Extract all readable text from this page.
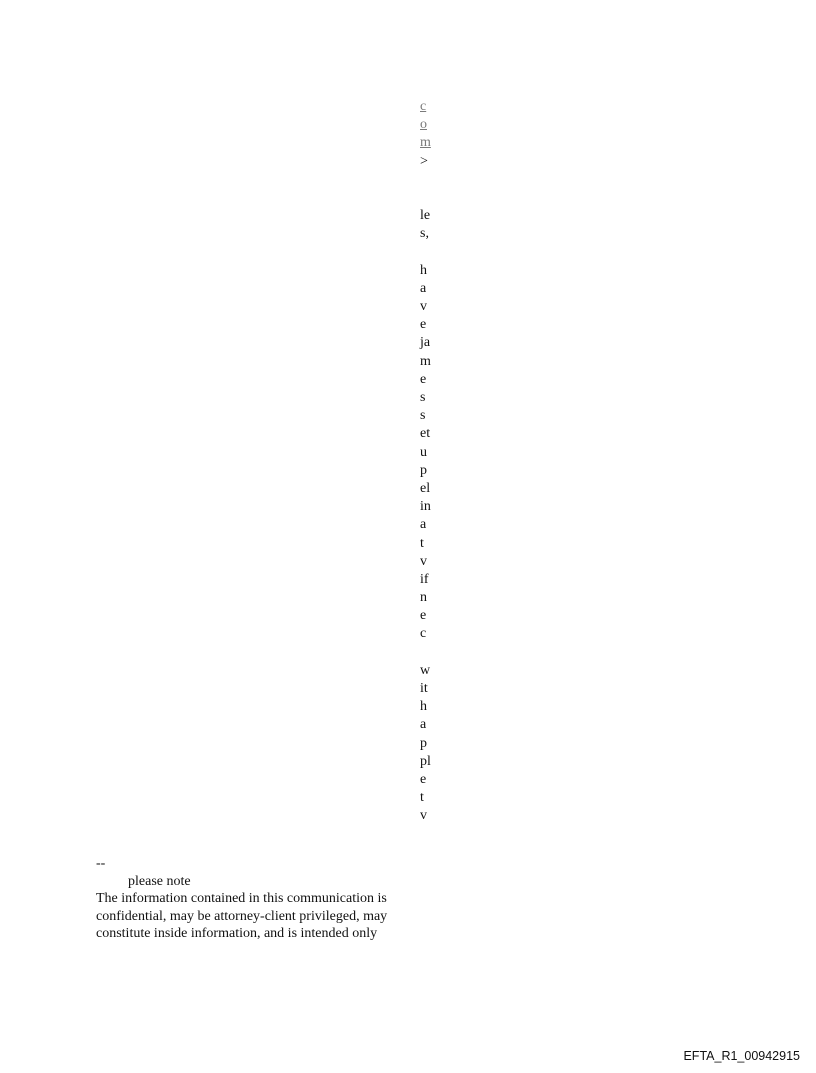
c
o
m
>
le
s,
h
a
v
e
ja
m
e
s
s
et
u
p
el
in
a
t
v
if
n
e
c
w
it
h
a
p
pl
e
t
v
--
please note
The information contained in this communication is
confidential, may be attorney-client privileged, may
constitute inside information, and is intended only
EFTA_R1_00942915
